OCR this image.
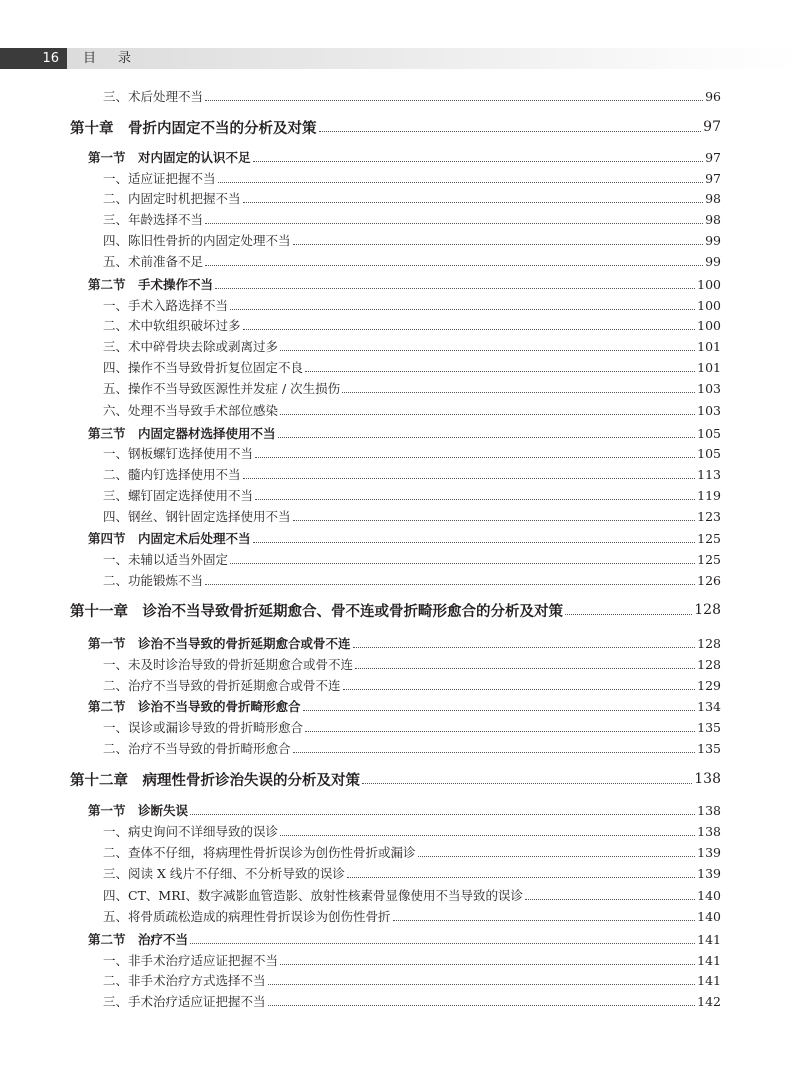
16	目录
三、术后处理不当	96
第十章　骨折内固定不当的分析及对策	97
第一节　对内固定的认识不足	97
一、适应证把握不当	97
二、内固定时机把握不当	98
三、年龄选择不当	98
四、陈旧性骨折的内固定处理不当	99
五、术前准备不足	99
第二节　手术操作不当	100
一、手术入路选择不当	100
二、术中软组织破坏过多	100
三、术中碎骨块去除或剥离过多	101
四、操作不当导致骨折复位固定不良	101
五、操作不当导致医源性并发症 / 次生损伤	103
六、处理不当导致手术部位感染	103
第三节　内固定器材选择使用不当	105
一、钢板螺钉选择使用不当	105
二、髓内钉选择使用不当	113
三、螺钉固定选择使用不当	119
四、钢丝、钢针固定选择使用不当	123
第四节　内固定术后处理不当	125
一、未辅以适当外固定	125
二、功能锻炼不当	126
第十一章　诊治不当导致骨折延期愈合、骨不连或骨折畸形愈合的分析及对策	128
第一节　诊治不当导致的骨折延期愈合或骨不连	128
一、未及时诊治导致的骨折延期愈合或骨不连	128
二、治疗不当导致的骨折延期愈合或骨不连	129
第二节　诊治不当导致的骨折畸形愈合	134
一、误诊或漏诊导致的骨折畸形愈合	135
二、治疗不当导致的骨折畸形愈合	135
第十二章　病理性骨折诊治失误的分析及对策	138
第一节　诊断失误	138
一、病史询问不详细导致的误诊	138
二、查体不仔细，将病理性骨折误诊为创伤性骨折或漏诊	139
三、阅读 X 线片不仔细、不分析导致的误诊	139
四、CT、MRI、数字减影血管造影、放射性核素骨显像使用不当导致的误诊	140
五、将骨质疏松造成的病理性骨折误诊为创伤性骨折	140
第二节　治疗不当	141
一、非手术治疗适应证把握不当	141
二、非手术治疗方式选择不当	141
三、手术治疗适应证把握不当	142
